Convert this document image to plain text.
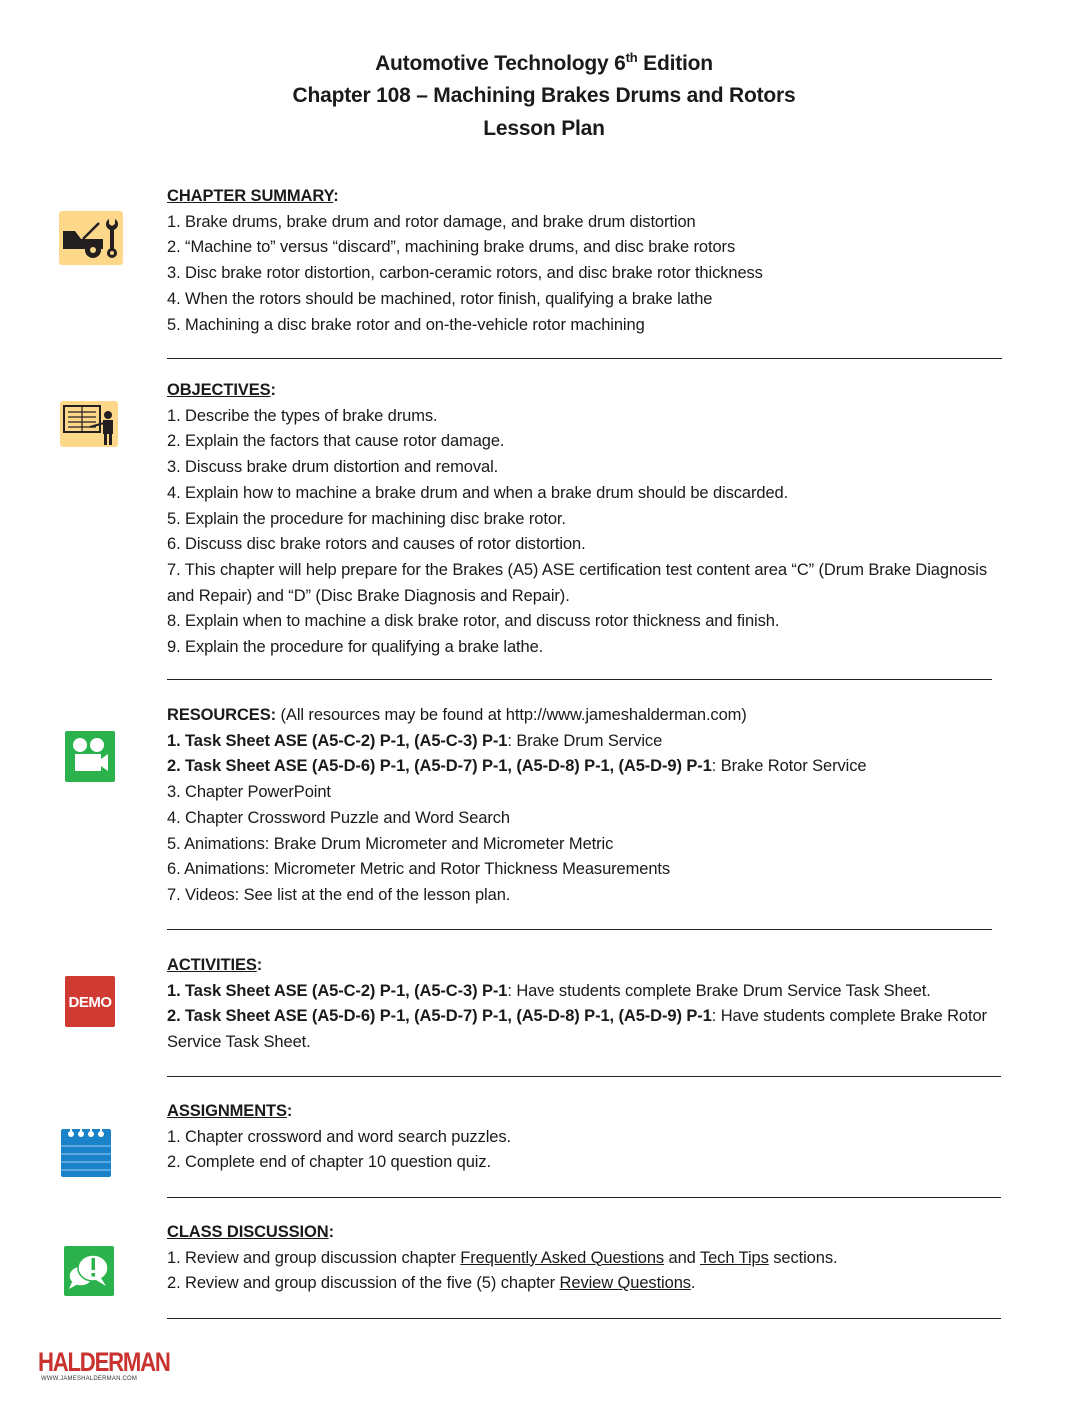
Automotive Technology 6th Edition
Chapter 108 – Machining Brakes Drums and Rotors
Lesson Plan
CHAPTER SUMMARY:
1. Brake drums, brake drum and rotor damage, and brake drum distortion
2. “Machine to” versus “discard”, machining brake drums, and disc brake rotors
3. Disc brake rotor distortion, carbon-ceramic rotors, and disc brake rotor thickness
4. When the rotors should be machined, rotor finish, qualifying a brake lathe
5. Machining a disc brake rotor and on-the-vehicle rotor machining
OBJECTIVES:
1. Describe the types of brake drums.
2. Explain the factors that cause rotor damage.
3. Discuss brake drum distortion and removal.
4. Explain how to machine a brake drum and when a brake drum should be discarded.
5. Explain the procedure for machining disc brake rotor.
6. Discuss disc brake rotors and causes of rotor distortion.
7. This chapter will help prepare for the Brakes (A5) ASE certification test content area “C” (Drum Brake Diagnosis and Repair) and “D” (Disc Brake Diagnosis and Repair).
8. Explain when to machine a disk brake rotor, and discuss rotor thickness and finish.
9. Explain the procedure for qualifying a brake lathe.
RESOURCES: (All resources may be found at http://www.jameshalderman.com)
1. Task Sheet ASE (A5-C-2) P-1, (A5-C-3) P-1: Brake Drum Service
2. Task Sheet ASE (A5-D-6) P-1, (A5-D-7) P-1, (A5-D-8) P-1, (A5-D-9) P-1: Brake Rotor Service
3. Chapter PowerPoint
4. Chapter Crossword Puzzle and Word Search
5. Animations: Brake Drum Micrometer and Micrometer Metric
6. Animations: Micrometer Metric and Rotor Thickness Measurements
7. Videos: See list at the end of the lesson plan.
DEMO
ACTIVITIES:
1. Task Sheet ASE (A5-C-2) P-1, (A5-C-3) P-1: Have students complete Brake Drum Service Task Sheet.
2. Task Sheet ASE (A5-D-6) P-1, (A5-D-7) P-1, (A5-D-8) P-1, (A5-D-9) P-1: Have students complete Brake Rotor Service Task Sheet.
ASSIGNMENTS:
1. Chapter crossword and word search puzzles.
2. Complete end of chapter 10 question quiz.
CLASS DISCUSSION:
1. Review and group discussion chapter Frequently Asked Questions and Tech Tips sections.
2. Review and group discussion of the five (5) chapter Review Questions.
HALDERMAN
WWW.JAMESHALDERMAN.COM
